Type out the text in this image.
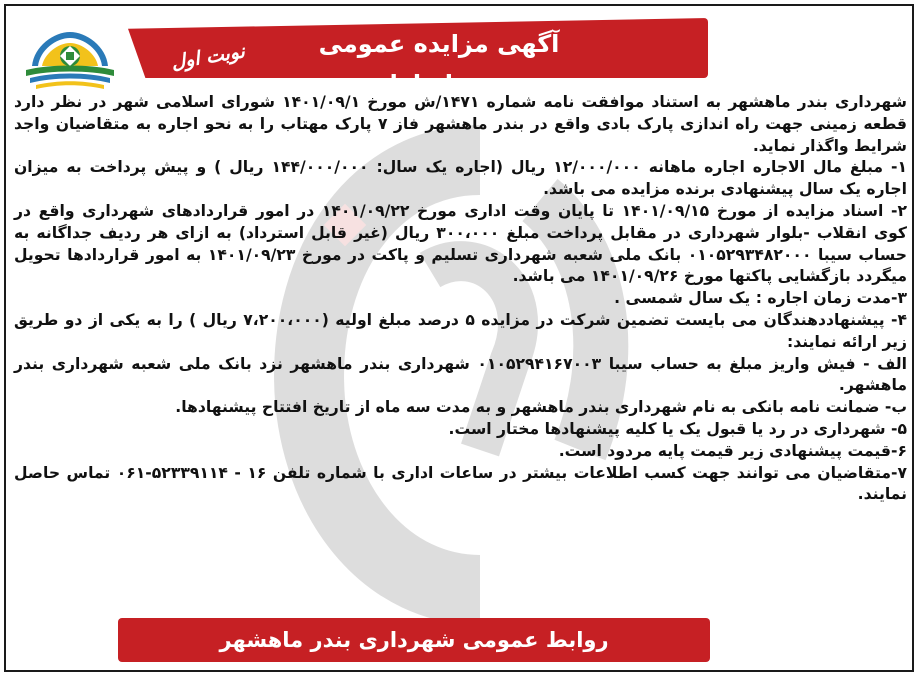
آگهی مزایده عمومی مرحله اول
نوبت اول

شهرداری بندر ماهشهر به استناد موافقت نامه شماره ۱۴۷۱/ش مورخ ۱۴۰۱/۰۹/۱ شورای اسلامی شهر در نظر دارد قطعه زمینی جهت راه اندازی پارک بادی واقع در بندر ماهشهر فاز ۷ پارک مهتاب را به نحو اجاره به متقاضیان واجد شرایط واگذار نماید.

۱- مبلغ مال الاجاره اجاره ماهانه ۱۲/۰۰۰/۰۰۰ ریال (اجاره یک سال: ۱۴۴/۰۰۰/۰۰۰ ریال ) و پیش پرداخت به میزان اجاره یک سال پیشنهادی برنده مزایده می باشد.

۲- اسناد مزایده از مورخ ۱۴۰۱/۰۹/۱۵ تا پایان وقت اداری مورخ ۱۴۰۱/۰۹/۲۲ در امور قراردادهای شهرداری واقع در کوی انقلاب -بلوار شهرداری در مقابل پرداخت مبلغ ۳۰۰،۰۰۰ ریال (غیر قابل استرداد) به ازای هر ردیف جداگانه به حساب سیبا ۰۱۰۵۲۹۳۴۸۲۰۰۰ بانک ملی شعبه شهرداری تسلیم و پاکت در مورخ ۱۴۰۱/۰۹/۲۳ به امور قراردادها تحویل میگردد بازگشایی پاکتها مورخ ۱۴۰۱/۰۹/۲۶ می باشد.

۳-مدت زمان اجاره : یک سال شمسی .

۴- پیشنهاددهندگان می بایست تضمین شرکت در مزایده ۵ درصد مبلغ اولیه (۷،۲۰۰،۰۰۰ ریال ) را به یکی از دو طریق زیر ارائه نمایند:

الف - فیش واریز مبلغ به حساب سیبا ۰۱۰۵۲۹۴۱۶۷۰۰۳ شهرداری بندر ماهشهر نزد بانک ملی شعبه شهرداری بندر ماهشهر.

ب- ضمانت نامه بانکی به نام شهرداری بندر ماهشهر و به مدت سه ماه از تاریخ افتتاح پیشنهادها.

۵- شهرداری در رد یا قبول یک یا کلیه پیشنهادها مختار است.

۶-قیمت پیشنهادی زیر قیمت پایه مردود است.

۷-متقاضیان می توانند جهت کسب اطلاعات بیشتر در ساعات اداری با شماره تلفن ۱۶ - ۵۲۳۳۹۱۱۴-۰۶۱ تماس حاصل نمایند.

روابط عمومی شهرداری بندر ماهشهر
